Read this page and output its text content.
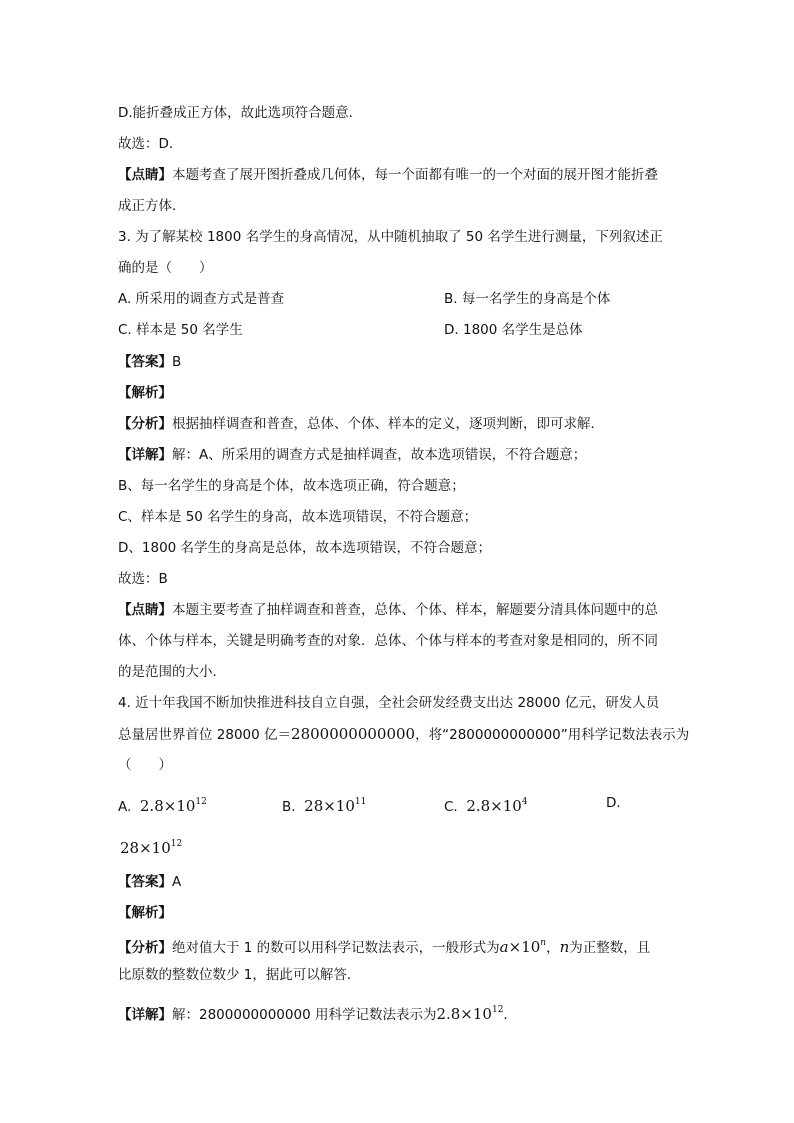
D.能折叠成正方体，故此选项符合题意．
故选：D．
【点睛】本题考查了展开图折叠成几何体，每一个面都有唯一的一个对面的展开图才能折叠
成正方体．
3. 为了解某校 1800 名学生的身高情况，从中随机抽取了 50 名学生进行测量，下列叙述正
确的是（　　）
A. 所采用的调查方式是普查	B. 每一名学生的身高是个体
C. 样本是 50 名学生	D. 1800 名学生是总体
【答案】B
【解析】
【分析】根据抽样调查和普查，总体、个体、样本的定义，逐项判断，即可求解．
【详解】解：A、所采用的调查方式是抽样调查，故本选项错误，不符合题意；
B、每一名学生的身高是个体，故本选项正确，符合题意；
C、样本是 50 名学生的身高，故本选项错误，不符合题意；
D、1800 名学生的身高是总体，故本选项错误，不符合题意；
故选：B
【点睛】本题主要考查了抽样调查和普查，总体、个体、样本，解题要分清具体问题中的总
体、个体与样本，关键是明确考查的对象．总体、个体与样本的考查对象是相同的，所不同
的是范围的大小．
4. 近十年我国不断加快推进科技自立自强，全社会研发经费支出达 28000 亿元，研发人员
总量居世界首位 28000 亿＝2800000000000，将“2800000000000”用科学记数法表示为
（　　）
A. $2.8\times 10^{12}$	B. $28\times 10^{11}$	C. $2.8\times 10^4$	D.
$28\times 10^{12}$
【答案】A
【解析】
【分析】绝对值大于 1 的数可以用科学记数法表示，一般形式为$a\times 10^n$，n为正整数，且
比原数的整数位数少 1，据此可以解答．
【详解】解：2800000000000 用科学记数法表示为$2.8\times 10^{12}$．
